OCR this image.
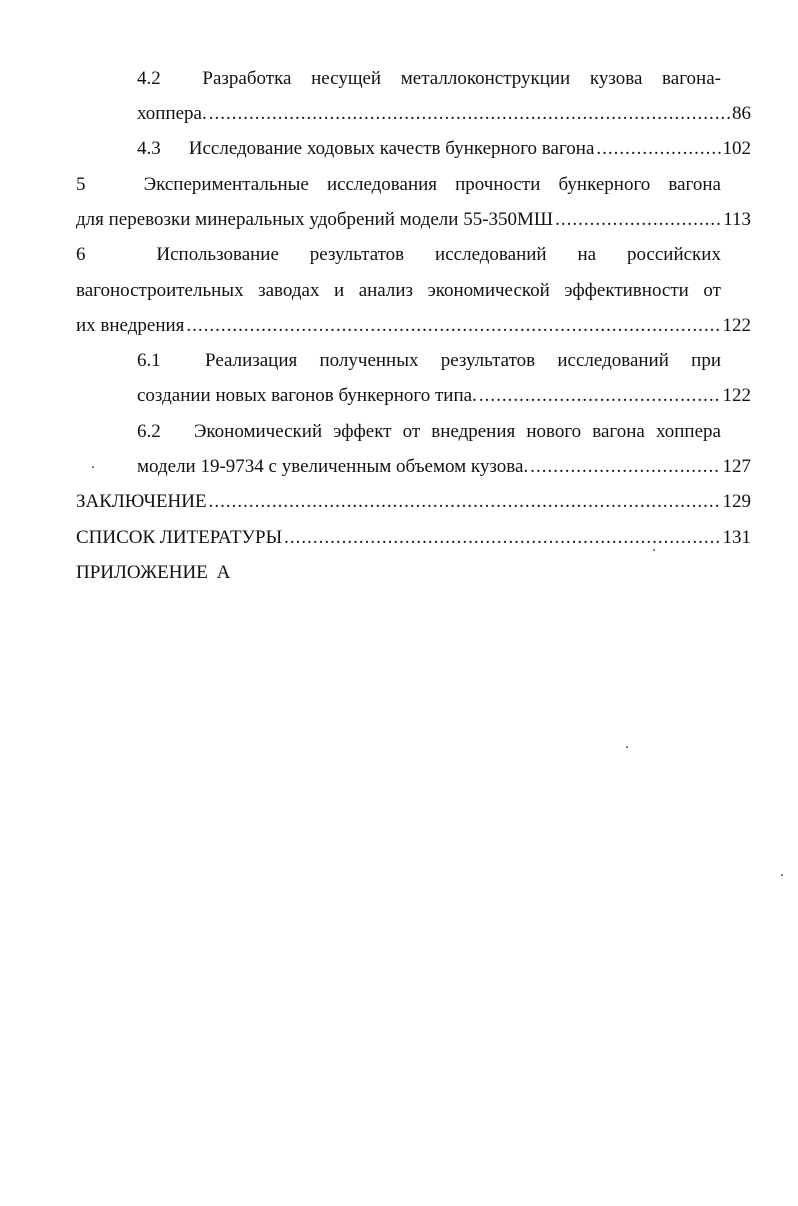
4.2 Разработка несущей металлоконструкции кузова вагона-
хоппера. .....	86
4.3 Исследование ходовых качеств бункерного вагона .....	102
5	Экспериментальные исследования прочности бункерного вагона
для перевозки минеральных удобрений модели 55-350МШ .....	113
6	Использование результатов исследований на российских
вагоностроительных заводах и анализ экономической эффективности от
их внедрения .....	122
6.1 Реализация полученных результатов исследований при
создании новых вагонов бункерного типа. .....	122
6.2 Экономический эффект от внедрения нового вагона хоппера
модели 19-9734 с увеличенным объемом кузова. .....	127
ЗАКЛЮЧЕНИЕ .....	129
СПИСОК ЛИТЕРАТУРЫ .....	131
ПРИЛОЖЕНИЕ А
